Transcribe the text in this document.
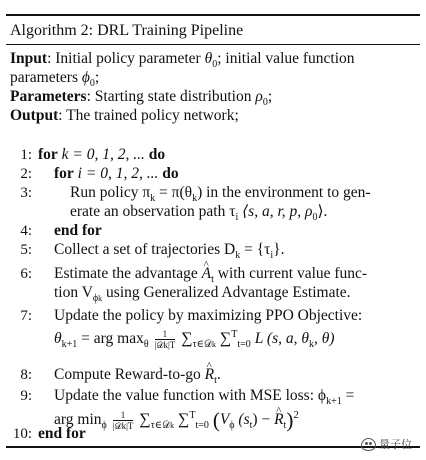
Algorithm 2: DRL Training Pipeline
Input: Initial policy parameter $\theta_0$; initial value function
parameters $\phi_0$;
Parameters: Starting state distribution $\rho_0$;
Output: The trained policy network;
1: for k = 0, 1, 2, ... do
2: for i = 0, 1, 2, ... do
3: Run policy $\pi_k = \pi(\theta_k)$ in the environment to gen-
erate an observation path $\tau_i$ ⟨s, a, r, p, $\rho_0⟩$.
4: end for
5: Collect a set of trajectories $D_k = \{\tau_i\}$.
6: Estimate the advantage ^ $A_t$ with current value func-
tion $V_{\phi k}$ using Generalized Advantage Estimate.
7: Update the policy by maximizing PPO Objective:
$\theta_{k+1}$ = arg $\max_\theta \frac{1}{\text{|𝒟k|T}} \sum_{\tau\in 𝒟k}$ ∑$^T_{t=0}$ L (s, a, $\theta_k$, θ)
8: Compute Reward-to-go ^ $R_t$.
9: Update the value function with MSE loss: $\phi_{k+1}$ =
arg $\min_\phi \frac{1}{\text{|𝒟k|T}} \sum_{\tau\in 𝒟k}$ ∑$^T_{t=0}$ ($V_\phi$ $(s_t)$ − ^ $R_t)^2$
10: end for
量子位
